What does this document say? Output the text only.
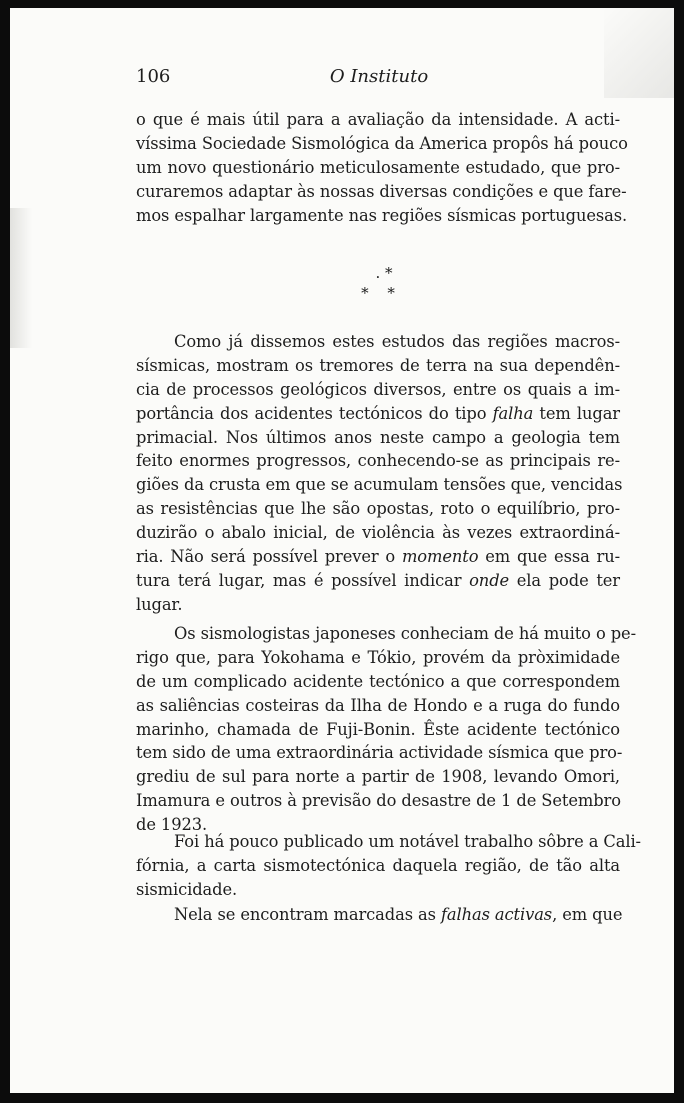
106	O Instituto
o que é mais útil para a avaliação da intensidade. A acti-
víssima Sociedade Sismológica da America propôs há pouco
um novo questionário meticulosamente estudado, que pro-
curaremos adaptar às nossas diversas condições e que fare-
mos espalhar largamente nas regiões sísmicas portuguesas.
. *
* *
Como já dissemos estes estudos das regiões macros-
sísmicas, mostram os tremores de terra na sua dependên-
cia de processos geológicos diversos, entre os quais a im-
portância dos acidentes tectónicos do tipo falha tem lugar
primacial. Nos últimos anos neste campo a geologia tem
feito enormes progressos, conhecendo-se as principais re-
giões da crusta em que se acumulam tensões que, vencidas
as resistências que lhe são opostas, roto o equilíbrio, pro-
duzirão o abalo inicial, de violência às vezes extraordiná-
ria. Não será possível prever o momento em que essa ru-
tura terá lugar, mas é possível indicar onde ela pode ter
lugar.
Os sismologistas japoneses conheciam de há muito o pe-
rigo que, para Yokohama e Tókio, provém da pròximidade
de um complicado acidente tectónico a que correspondem
as saliências costeiras da Ilha de Hondo e a ruga do fundo
marinho, chamada de Fuji-Bonin. Êste acidente tectónico
tem sido de uma extraordinária actividade sísmica que pro-
grediu de sul para norte a partir de 1908, levando Omori,
Imamura e outros à previsão do desastre de 1 de Setembro
de 1923.
Foi há pouco publicado um notável trabalho sôbre a Cali-
fórnia, a carta sismotectónica daquela região, de tão alta
sismicidade.
Nela se encontram marcadas as falhas activas, em que
